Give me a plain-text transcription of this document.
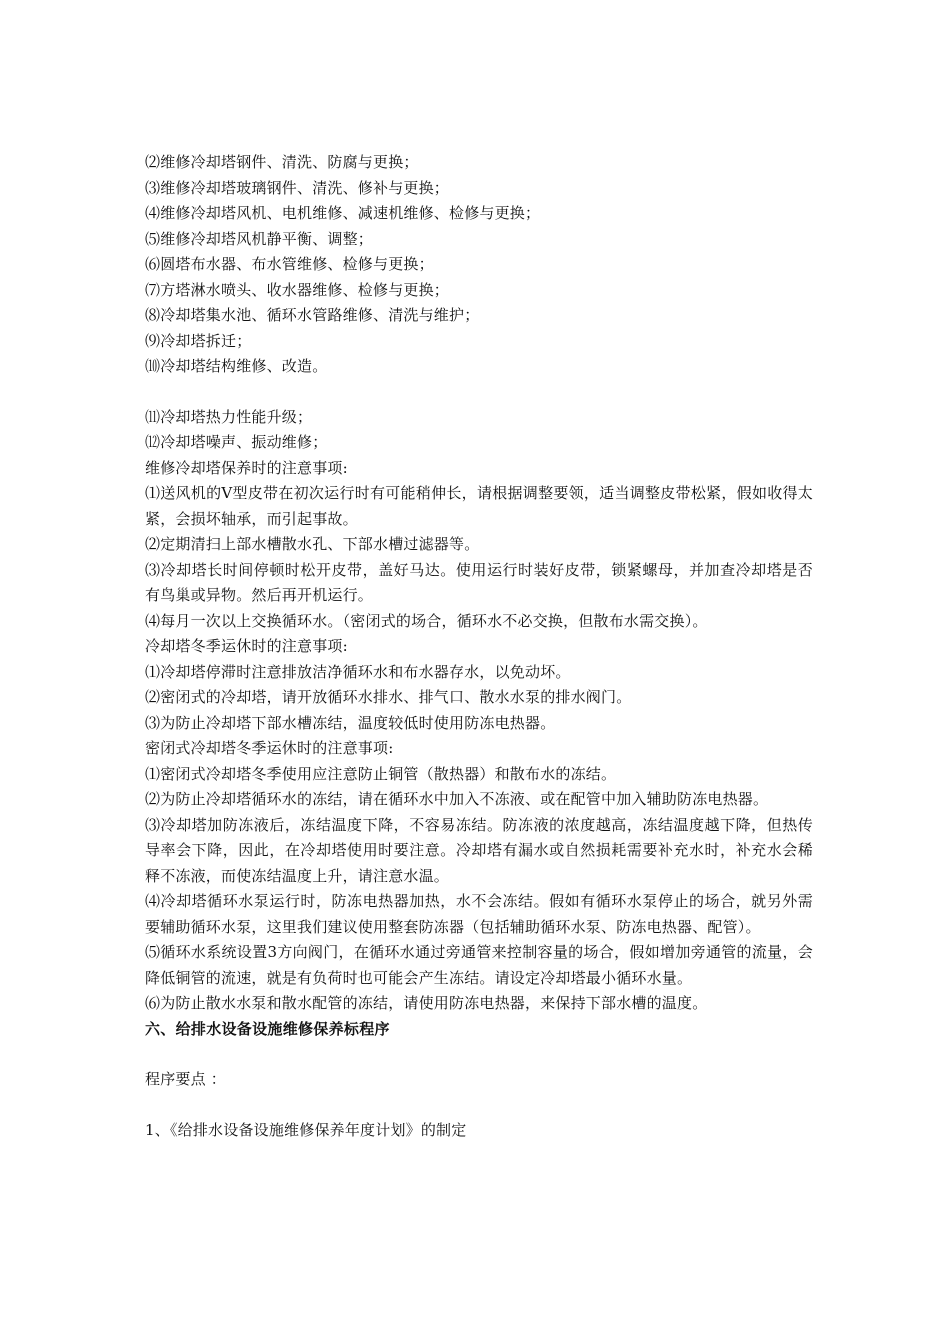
⑵维修冷却塔钢件、清洗、防腐与更换；
⑶维修冷却塔玻璃钢件、清洗、修补与更换；
⑷维修冷却塔风机、电机维修、减速机维修、检修与更换；
⑸维修冷却塔风机静平衡、调整；
⑹圆塔布水器、布水管维修、检修与更换；
⑺方塔淋水喷头、收水器维修、检修与更换；
⑻冷却塔集水池、循环水管路维修、清洗与维护；
⑼冷却塔拆迁；
⑽冷却塔结构维修、改造。
⑾冷却塔热力性能升级；
⑿冷却塔噪声、振动维修；
维修冷却塔保养时的注意事项:
⑴送风机的V型皮带在初次运行时有可能稍伸长，请根据调整要领，适当调整皮带松紧，假如收得太紧，会损坏轴承，而引起事故。
⑵定期清扫上部水槽散水孔、下部水槽过滤器等。
⑶冷却塔长时间停顿时松开皮带，盖好马达。使用运行时装好皮带，锁紧螺母，并加查冷却塔是否有鸟巢或异物。然后再开机运行。
⑷每月一次以上交换循环水。（密闭式的场合，循环水不必交换，但散布水需交换）。
冷却塔冬季运休时的注意事项:
⑴冷却塔停滞时注意排放洁净循环水和布水器存水，以免动坏。
⑵密闭式的冷却塔，请开放循环水排水、排气口、散水水泵的排水阀门。
⑶为防止冷却塔下部水槽冻结，温度较低时使用防冻电热器。
密闭式冷却塔冬季运休时的注意事项:
⑴密闭式冷却塔冬季使用应注意防止铜管（散热器）和散布水的冻结。
⑵为防止冷却塔循环水的冻结，请在循环水中加入不冻液、或在配管中加入辅助防冻电热器。
⑶冷却塔加防冻液后，冻结温度下降，不容易冻结。防冻液的浓度越高，冻结温度越下降，但热传导率会下降，因此，在冷却塔使用时要注意。冷却塔有漏水或自然损耗需要补充水时，补充水会稀释不冻液，而使冻结温度上升，请注意水温。
⑷冷却塔循环水泵运行时，防冻电热器加热，水不会冻结。假如有循环水泵停止的场合，就另外需要辅助循环水泵，这里我们建议使用整套防冻器（包括辅助循环水泵、防冻电热器、配管）。
⑸循环水系统设置3方向阀门，在循环水通过旁通管来控制容量的场合，假如增加旁通管的流量，会降低铜管的流速，就是有负荷时也可能会产生冻结。请设定冷却塔最小循环水量。
⑹为防止散水水泵和散水配管的冻结，请使用防冻电热器，来保持下部水槽的温度。
六、给排水设备设施维修保养标程序
程序要点 ：
1、《给排水设备设施维修保养年度计划》的制定
